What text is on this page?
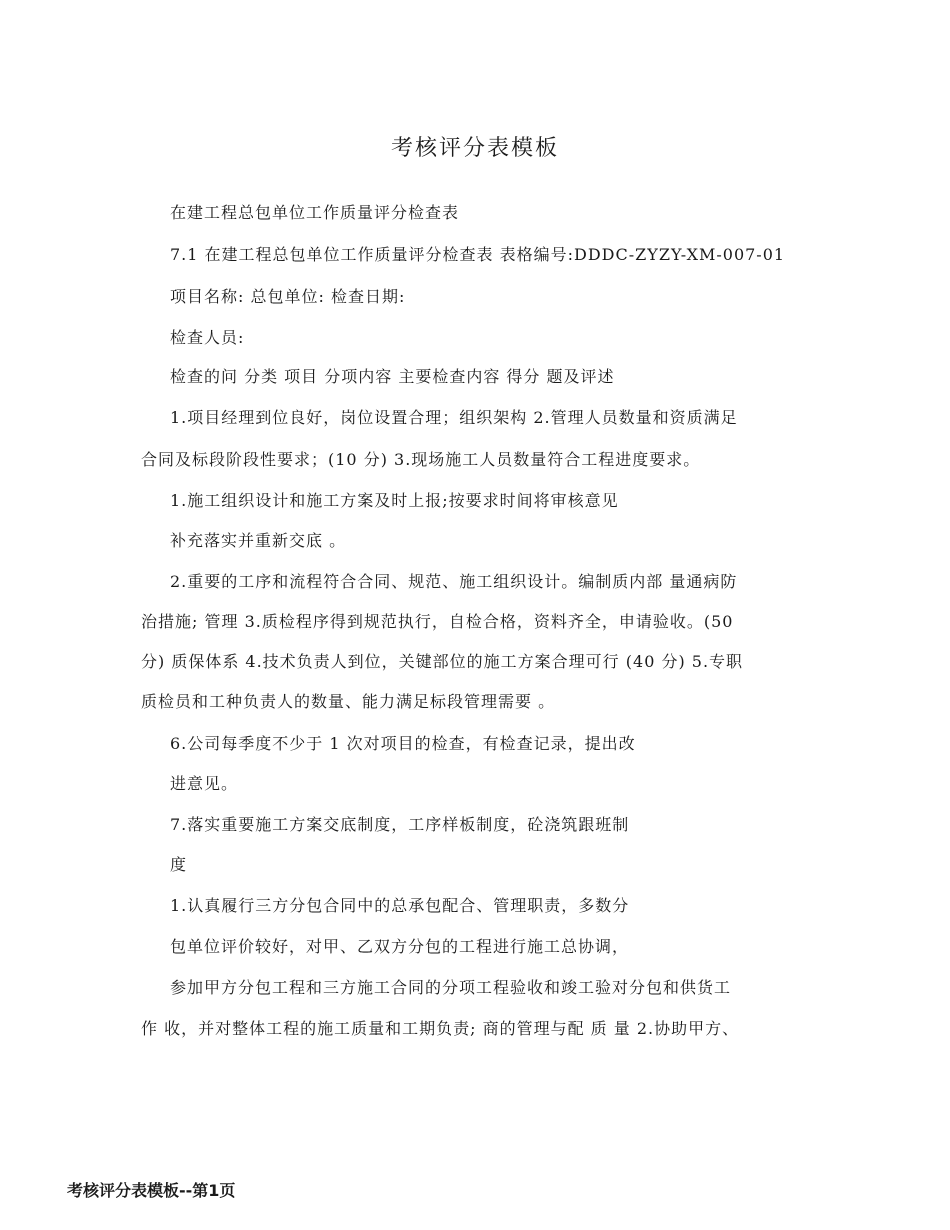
考核评分表模板
在建工程总包单位工作质量评分检查表
7.1 在建工程总包单位工作质量评分检查表 表格编号:DDDC-ZYZY-XM-007-01
项目名称: 总包单位: 检查日期:
检查人员:
检查的问 分类 项目 分项内容 主要检查内容 得分 题及评述
1.项目经理到位良好，岗位设置合理；组织架构 2.管理人员数量和资质满足
合同及标段阶段性要求；(10 分) 3.现场施工人员数量符合工程进度要求。
1.施工组织设计和施工方案及时上报;按要求时间将审核意见
补充落实并重新交底 。
2.重要的工序和流程符合合同、规范、施工组织设计。编制质内部 量通病防
治措施; 管理 3.质检程序得到规范执行，自检合格，资料齐全，申请验收。(50
分) 质保体系 4.技术负责人到位，关键部位的施工方案合理可行 (40 分) 5.专职
质检员和工种负责人的数量、能力满足标段管理需要 。
6.公司每季度不少于 1 次对项目的检查，有检查记录，提出改
进意见。
7.落实重要施工方案交底制度，工序样板制度，砼浇筑跟班制
度
1.认真履行三方分包合同中的总承包配合、管理职责，多数分
包单位评价较好，对甲、乙双方分包的工程进行施工总协调，
参加甲方分包工程和三方施工合同的分项工程验收和竣工验对分包和供货工
作 收，并对整体工程的施工质量和工期负责; 商的管理与配 质 量 2.协助甲方、
考核评分表模板--第1页
